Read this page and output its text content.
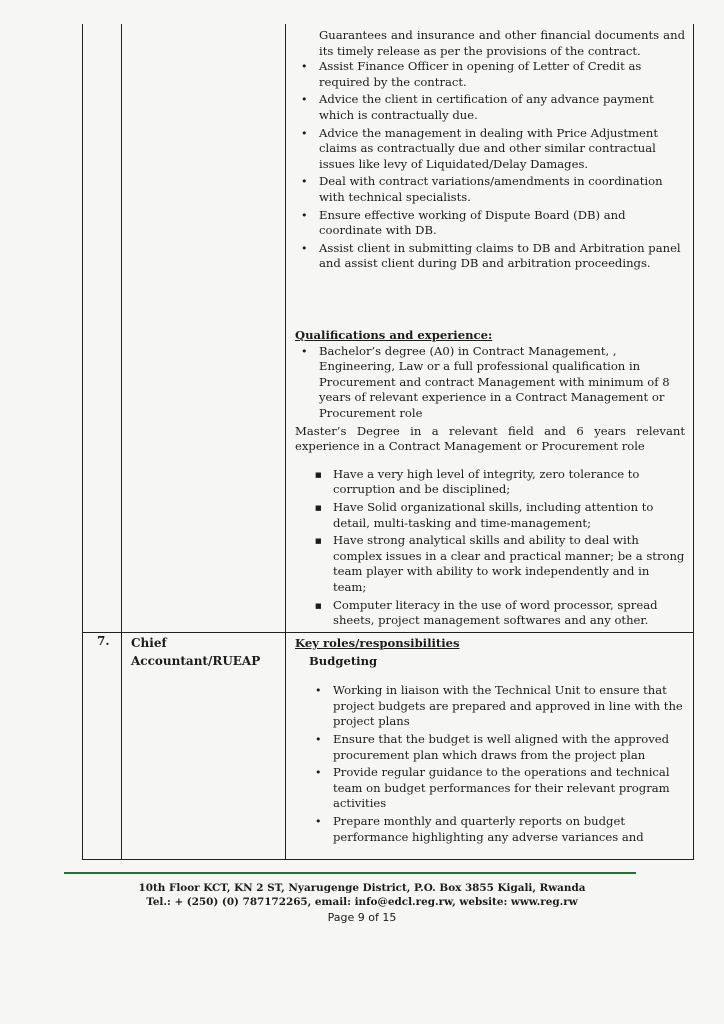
Guarantees and insurance and other financial documents and its timely release as per the provisions of the contract.
• Assist Finance Officer in opening of Letter of Credit as required by the contract.
• Advice the client in certification of any advance payment which is contractually due.
• Advice the management in dealing with Price Adjustment claims as contractually due and other similar contractual issues like levy of Liquidated/Delay Damages.
• Deal with contract variations/amendments in coordination with technical specialists.
• Ensure effective working of Dispute Board (DB) and coordinate with DB.
• Assist client in submitting claims to DB and Arbitration panel and assist client during DB and arbitration proceedings.
Qualifications and experience:
• Bachelor’s degree (A0) in Contract Management, , Engineering, Law or a full professional qualification in Procurement and contract Management with minimum of 8 years of relevant experience in a Contract Management or Procurement role

Master’s Degree in a relevant field and 6 years relevant experience in a Contract Management or Procurement role

■ Have a very high level of integrity, zero tolerance to corruption and be disciplined;
■ Have Solid organizational skills, including attention to detail, multi-tasking and time-management;
■ Have strong analytical skills and ability to deal with complex issues in a clear and practical manner; be a strong team player with ability to work independently and in team;
■ Computer literacy in the use of word processor, spread sheets, project management softwares and any other.
7. Chief Accountant/RUEAP
Key roles/responsibilities
Budgeting
• Working in liaison with the Technical Unit to ensure that project budgets are prepared and approved in line with the project plans
• Ensure that the budget is well aligned with the approved procurement plan which draws from the project plan
• Provide regular guidance to the operations and technical team on budget performances for their relevant program activities
• Prepare monthly and quarterly reports on budget performance highlighting any adverse variances and
10th Floor KCT, KN 2 ST, Nyarugenge District, P.O. Box 3855 Kigali, Rwanda
Tel.: + (250) (0) 787172265, email: info@edcl.reg.rw, website: www.reg.rw
Page 9 of 15
